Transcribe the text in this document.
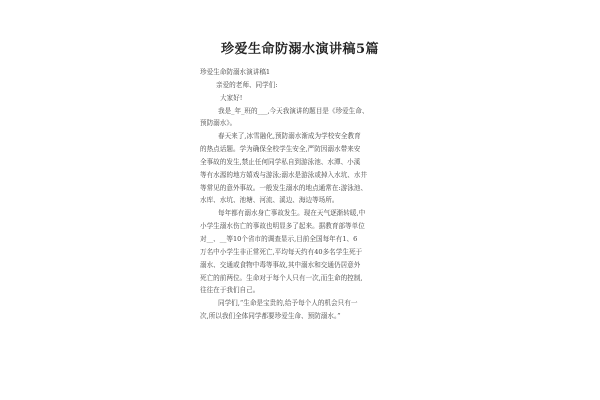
珍爱生命防溺水演讲稿5篇
珍爱生命防溺水演讲稿1
亲爱的老师、同学们:
大家好!

我是_年_班的___,今天我演讲的题目是《珍爱生命、
预防溺水》。

春天来了,冰雪融化,预防溺水渐成为学校安全教育
的热点话题。学为确保全校学生安全,严防因溺水带来安
全事故的发生,禁止任何同学私自到游泳池、水潭、小溪
等有水源的地方嬉戏与游泳;溺水是游泳或掉入水坑、水井
等常见的意外事故。一般发生溺水的地点通常在:游泳池、
水库、水坑、池塘、河流、溪边、海边等场所。

每年都有溺水身亡事故发生。现在天气逐渐转暖,中
小学生溺水伤亡的事故也明显多了起来。据教育部等单位
对__、__等10个省市的调查显示,目前全国每年有1、6
万名中小学生非正常死亡,平均每天约有40多名学生死于
溺水、交通或食物中毒等事故,其中溺水和交通仍居意外
死亡的前两位。生命对于每个人只有一次,而生命的控制,
往往在于我们自己。

同学们,“生命是宝贵的,给予每个人的机会只有一
次,所以我们全体同学都要珍爱生命、预防溺水。”
